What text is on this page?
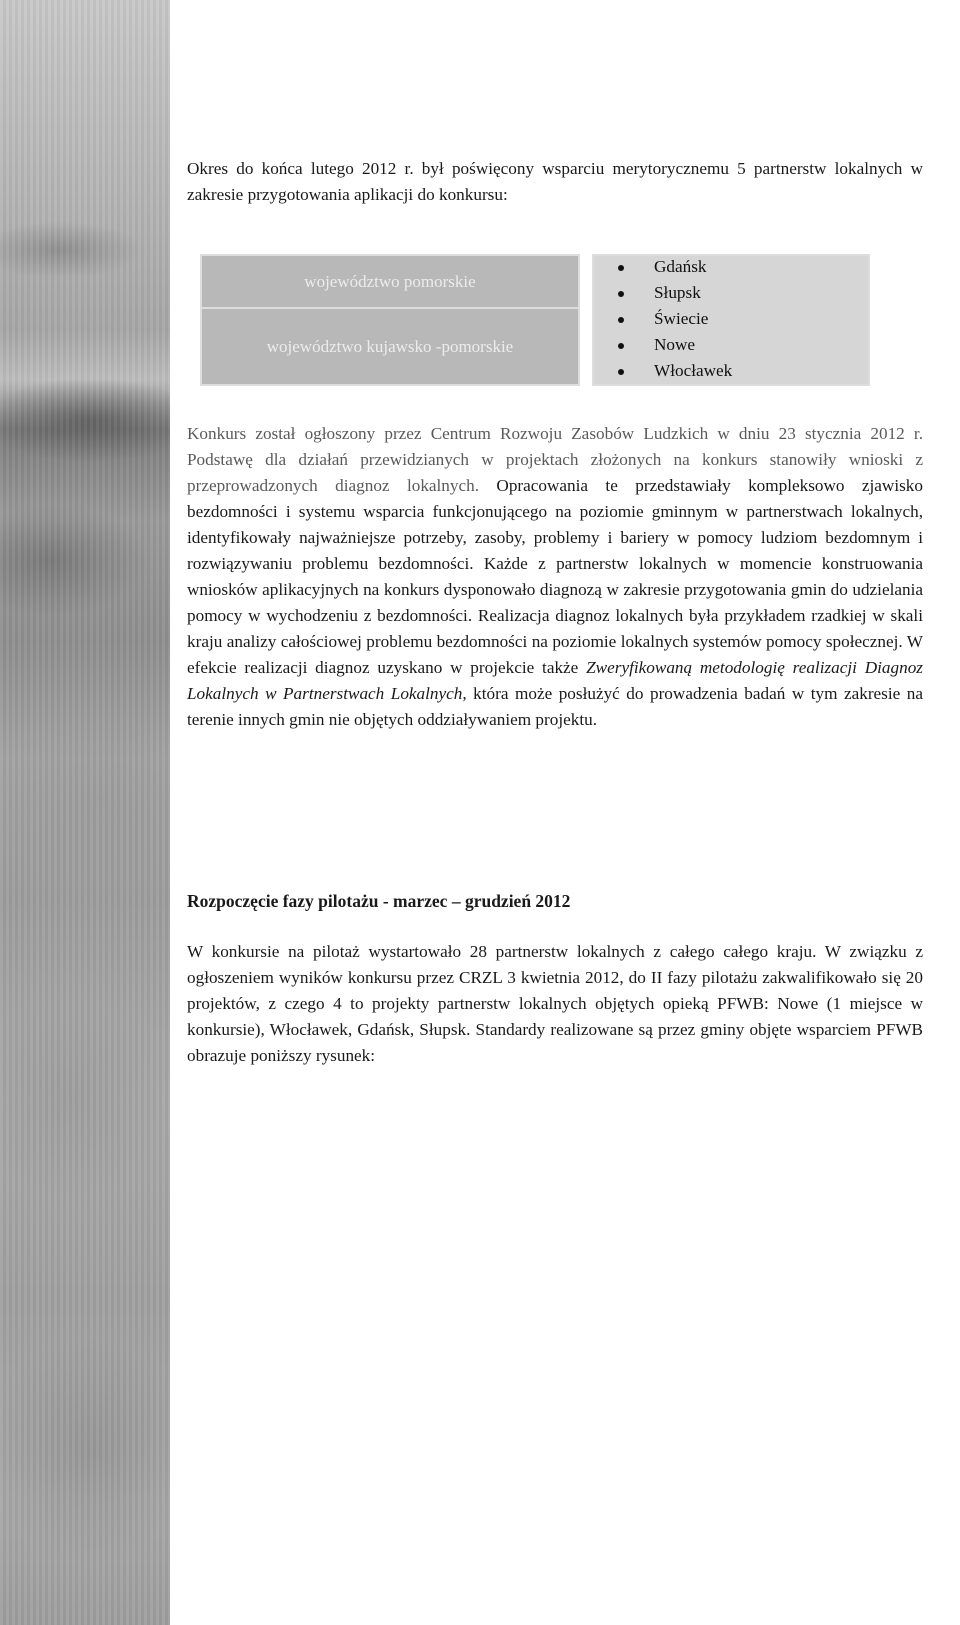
Okres do końca lutego 2012 r. był poświęcony wsparciu merytorycznemu 5 partnerstw lokalnych w zakresie przygotowania aplikacji do konkursu:

województwo pomorskie
województwo kujawsko -pomorskie
Gdańsk
Słupsk
Świecie
Nowe
Włocławek

Konkurs został ogłoszony przez Centrum Rozwoju Zasobów Ludzkich w dniu 23 stycznia 2012 r. Podstawę dla działań przewidzianych w projektach złożonych na konkurs stanowiły wnioski z przeprowadzonych diagnoz lokalnych. Opracowania te przedstawiały kompleksowo zjawisko bezdomności i systemu wsparcia funkcjonującego na poziomie gminnym w partnerstwach lokalnych, identyfikowały najważniejsze potrzeby, zasoby, problemy i bariery w pomocy ludziom bezdomnym i rozwiązywaniu problemu bezdomności. Każde z partnerstw lokalnych w momencie konstruowania wniosków aplikacyjnych na konkurs dysponowało diagnozą w zakresie przygotowania gmin do udzielania pomocy w wychodzeniu z bezdomności. Realizacja diagnoz lokalnych była przykładem rzadkiej w skali kraju analizy całościowej problemu bezdomności na poziomie lokalnych systemów pomocy społecznej. W efekcie realizacji diagnoz uzyskano w projekcie także Zweryfikowaną metodologię realizacji Diagnoz Lokalnych w Partnerstwach Lokalnych, która może posłużyć do prowadzenia badań w tym zakresie na terenie innych gmin nie objętych oddziaływaniem projektu.

Rozpoczęcie fazy pilotażu - marzec – grudzień 2012

W konkursie na pilotaż wystartowało 28 partnerstw lokalnych z całego całego kraju. W związku z ogłoszeniem wyników konkursu przez CRZL 3 kwietnia 2012, do II fazy pilotażu zakwalifikowało się 20 projektów, z czego 4 to projekty partnerstw lokalnych objętych opieką PFWB: Nowe (1 miejsce w konkursie), Włocławek, Gdańsk, Słupsk. Standardy realizowane są przez gminy objęte wsparciem PFWB obrazuje poniższy rysunek:
